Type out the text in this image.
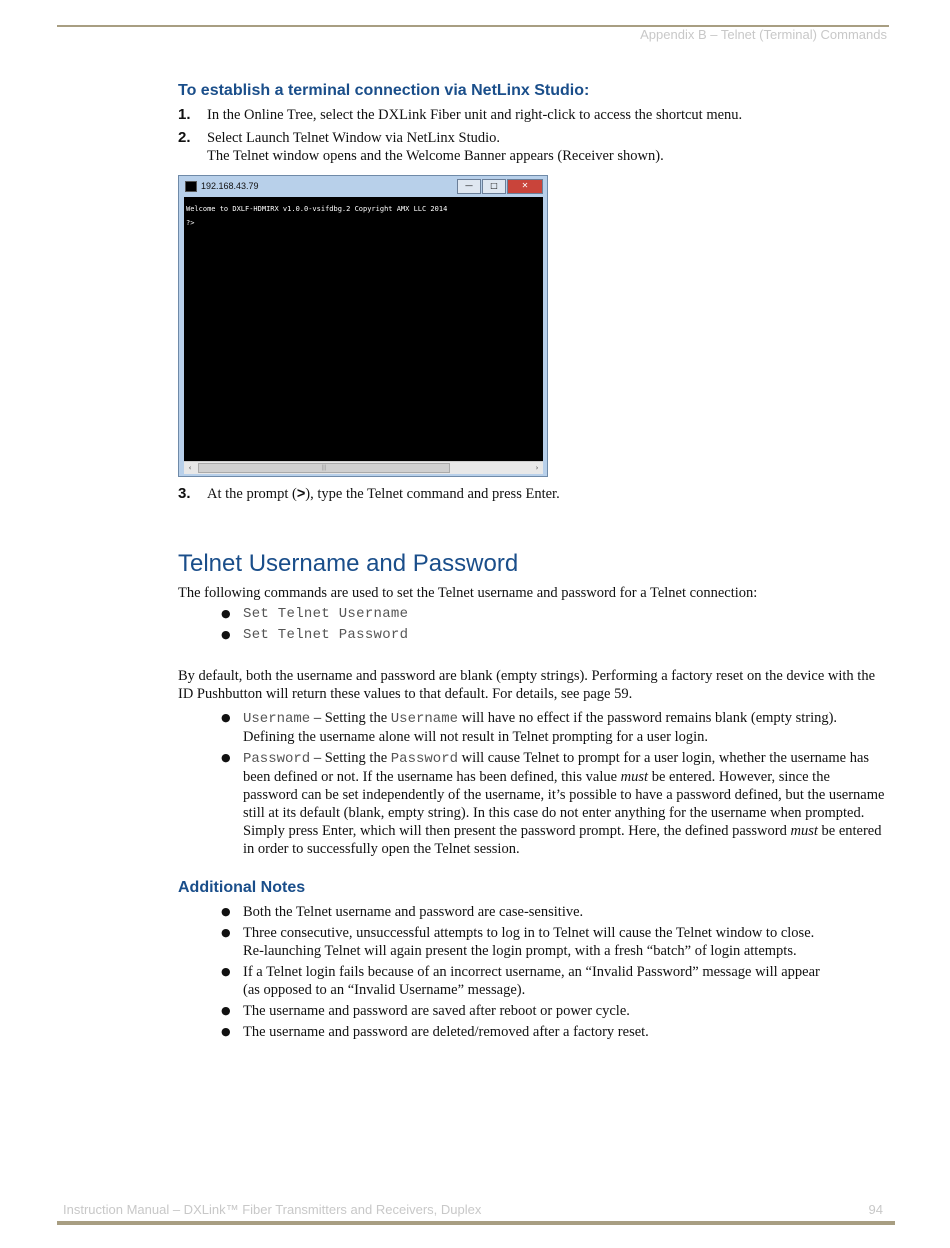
Appendix B – Telnet (Terminal) Commands
To establish a terminal connection via NetLinx Studio:
1.	In the Online Tree, select the DXLink Fiber unit and right-click to access the shortcut menu.
2.	Select Launch Telnet Window via NetLinx Studio.
The Telnet window opens and the Welcome Banner appears (Receiver shown).
192.168.43.79	—	□	✕
Welcome to DXLF-HDMIRX v1.0.0-vsifdbg.2 Copyright AMX LLC 2014
?>
‹	|||	›
3.	At the prompt (>), type the Telnet command and press Enter.
Telnet Username and Password
The following commands are used to set the Telnet username and password for a Telnet connection:
● Set Telnet Username
● Set Telnet Password
By default, both the username and password are blank (empty strings). Performing a factory reset on the device with the ID Pushbutton will return these values to that default. For details, see page 59.
● Username – Setting the Username will have no effect if the password remains blank (empty string). Defining the username alone will not result in Telnet prompting for a user login.
● Password – Setting the Password will cause Telnet to prompt for a user login, whether the username has been defined or not. If the username has been defined, this value must be entered. However, since the password can be set independently of the username, it’s possible to have a password defined, but the username still at its default (blank, empty string). In this case do not enter anything for the username when prompted. Simply press Enter, which will then present the password prompt. Here, the defined password must be entered in order to successfully open the Telnet session.
Additional Notes
● Both the Telnet username and password are case-sensitive.
● Three consecutive, unsuccessful attempts to log in to Telnet will cause the Telnet window to close.
Re-launching Telnet will again present the login prompt, with a fresh “batch” of login attempts.
● If a Telnet login fails because of an incorrect username, an “Invalid Password” message will appear
(as opposed to an “Invalid Username” message).
● The username and password are saved after reboot or power cycle.
● The username and password are deleted/removed after a factory reset.
Instruction Manual – DXLink™ Fiber Transmitters and Receivers, Duplex	94
